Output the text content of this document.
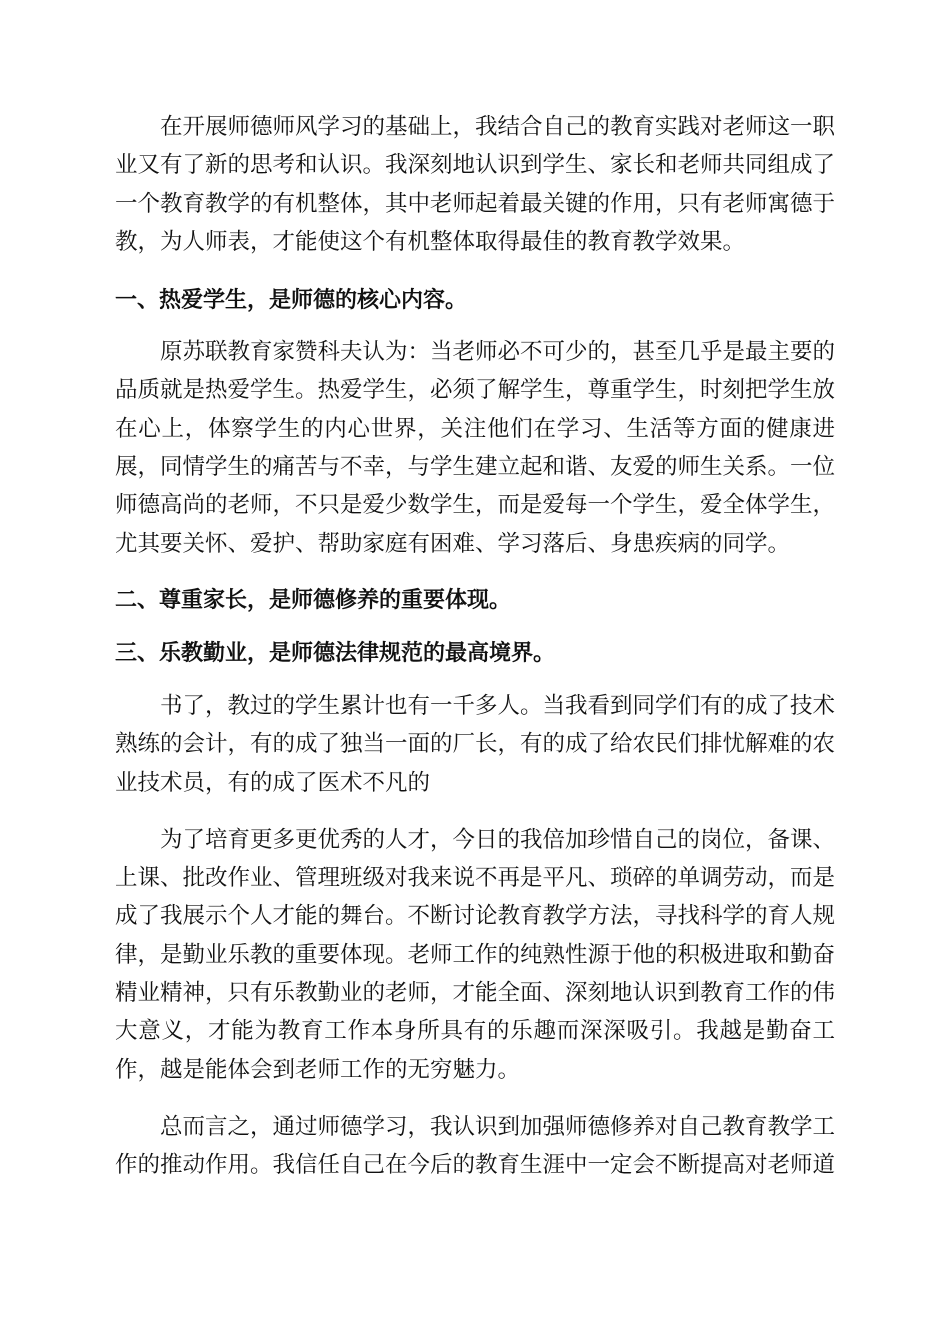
在开展师德师风学习的基础上，我结合自己的教育实践对老师这一职业又有了新的思考和认识。我深刻地认识到学生、家长和老师共同组成了一个教育教学的有机整体，其中老师起着最关键的作用，只有老师寓德于教，为人师表，才能使这个有机整体取得最佳的教育教学效果。

一、热爱学生，是师德的核心内容。

原苏联教育家赞科夫认为：当老师必不可少的，甚至几乎是最主要的品质就是热爱学生。热爱学生，必须了解学生，尊重学生，时刻把学生放在心上，体察学生的内心世界，关注他们在学习、生活等方面的健康进展，同情学生的痛苦与不幸，与学生建立起和谐、友爱的师生关系。一位师德高尚的老师，不只是爱少数学生，而是爱每一个学生，爱全体学生，尤其要关怀、爱护、帮助家庭有困难、学习落后、身患疾病的同学。

二、尊重家长，是师德修养的重要体现。

三、乐教勤业，是师德法律规范的最高境界。

书了，教过的学生累计也有一千多人。当我看到同学们有的成了技术熟练的会计，有的成了独当一面的厂长，有的成了给农民们排忧解难的农业技术员，有的成了医术不凡的

为了培育更多更优秀的人才，今日的我倍加珍惜自己的岗位，备课、上课、批改作业、管理班级对我来说不再是平凡、琐碎的单调劳动，而是成了我展示个人才能的舞台。不断讨论教育教学方法，寻找科学的育人规律，是勤业乐教的重要体现。老师工作的纯熟性源于他的积极进取和勤奋精业精神，只有乐教勤业的老师，才能全面、深刻地认识到教育工作的伟大意义，才能为教育工作本身所具有的乐趣而深深吸引。我越是勤奋工作，越是能体会到老师工作的无穷魅力。

总而言之，通过师德学习，我认识到加强师德修养对自己教育教学工作的推动作用。我信任自己在今后的教育生涯中一定会不断提高对老师道
